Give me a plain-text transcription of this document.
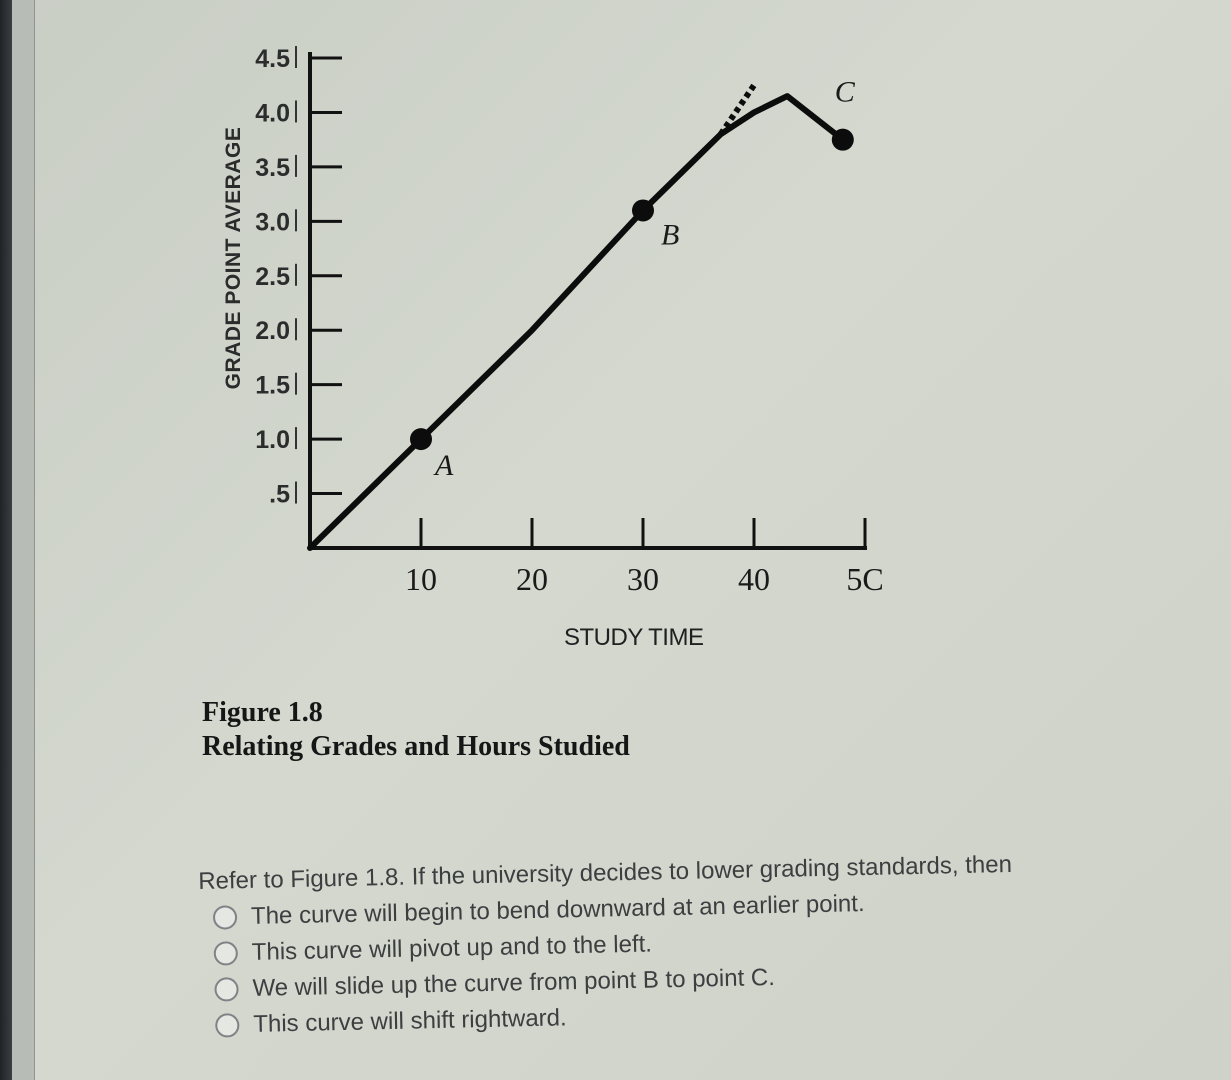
.5
1.0
1.5
2.0
2.5
3.0
3.5
4.0
4.5
10 20 30 40 5C
A
B
C
GRADE POINT AVERAGE
STUDY TIME
Figure 1.8
Relating Grades and Hours Studied
Refer to Figure 1.8. If the university decides to lower grading standards, then
The curve will begin to bend downward at an earlier point.
This curve will pivot up and to the left.
We will slide up the curve from point B to point C.
This curve will shift rightward.
